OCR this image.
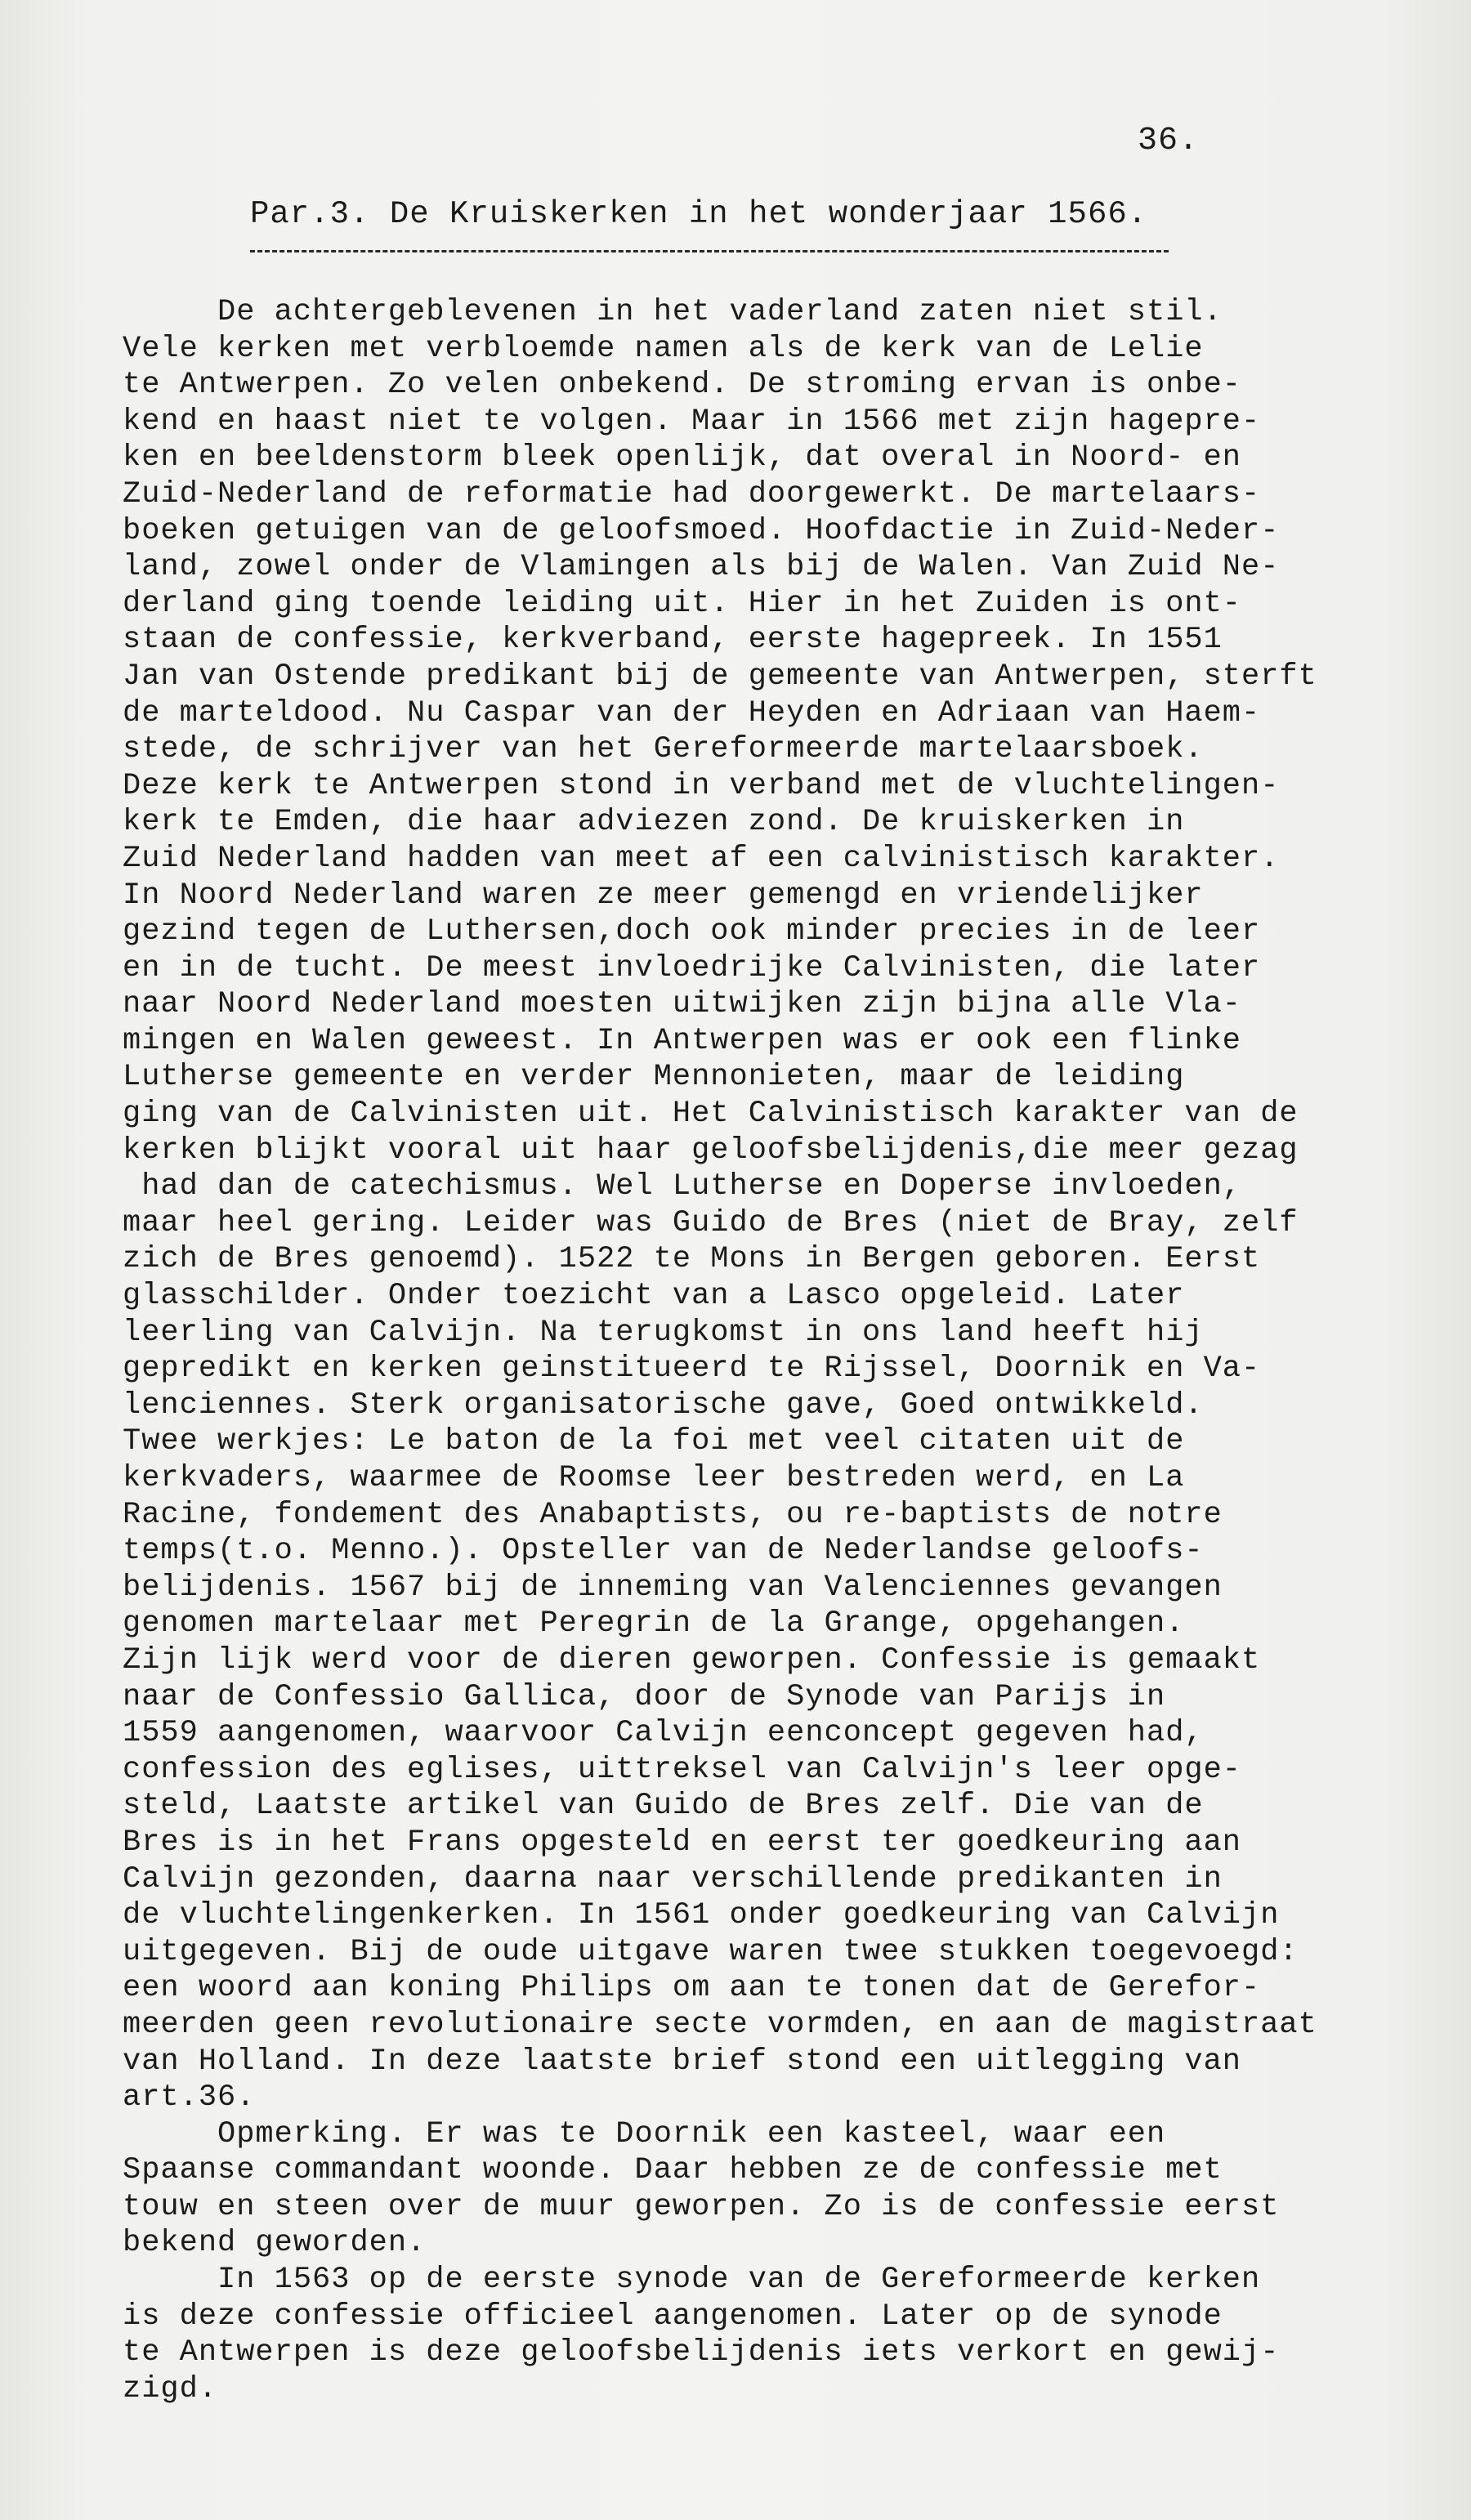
36.
Par.3. De Kruiskerken in het wonderjaar 1566.
De achtergeblevenen in het vaderland zaten niet stil.
Vele kerken met verbloemde namen als de kerk van de Lelie
te Antwerpen. Zo velen onbekend. De stroming ervan is onbe-
kend en haast niet te volgen. Maar in 1566 met zijn hagepre-
ken en beeldenstorm bleek openlijk, dat overal in Noord- en
Zuid-Nederland de reformatie had doorgewerkt. De martelaars-
boeken getuigen van de geloofsmoed. Hoofdactie in Zuid-Neder-
land, zowel onder de Vlamingen als bij de Walen. Van Zuid Ne-
derland ging toende leiding uit. Hier in het Zuiden is ont-
staan de confessie, kerkverband, eerste hagepreek. In 1551
Jan van Ostende predikant bij de gemeente van Antwerpen, sterft
de marteldood. Nu Caspar van der Heyden en Adriaan van Haem-
stede, de schrijver van het Gereformeerde martelaarsboek.
Deze kerk te Antwerpen stond in verband met de vluchtelingen-
kerk te Emden, die haar adviezen zond. De kruiskerken in
Zuid Nederland hadden van meet af een calvinistisch karakter.
In Noord Nederland waren ze meer gemengd en vriendelijker
gezind tegen de Luthersen,doch ook minder precies in de leer
en in de tucht. De meest invloedrijke Calvinisten, die later
naar Noord Nederland moesten uitwijken zijn bijna alle Vla-
mingen en Walen geweest. In Antwerpen was er ook een flinke
Lutherse gemeente en verder Mennonieten, maar de leiding
ging van de Calvinisten uit. Het Calvinistisch karakter van de
kerken blijkt vooral uit haar geloofsbelijdenis,die meer gezag
had dan de catechismus. Wel Lutherse en Doperse invloeden,
maar heel gering. Leider was Guido de Bres (niet de Bray, zelf
zich de Bres genoemd). 1522 te Mons in Bergen geboren. Eerst
glasschilder. Onder toezicht van a Lasco opgeleid. Later
leerling van Calvijn. Na terugkomst in ons land heeft hij
gepredikt en kerken geinstitueerd te Rijssel, Doornik en Va-
lenciennes. Sterk organisatorische gave, Goed ontwikkeld.
Twee werkjes: Le baton de la foi met veel citaten uit de
kerkvaders, waarmee de Roomse leer bestreden werd, en La
Racine, fondement des Anabaptists, ou re-baptists de notre
temps(t.o. Menno.). Opsteller van de Nederlandse geloofs-
belijdenis. 1567 bij de inneming van Valenciennes gevangen
genomen martelaar met Peregrin de la Grange, opgehangen.
Zijn lijk werd voor de dieren geworpen. Confessie is gemaakt
naar de Confessio Gallica, door de Synode van Parijs in
1559 aangenomen, waarvoor Calvijn eenconcept gegeven had,
confession des eglises, uittreksel van Calvijn's leer opge-
steld, Laatste artikel van Guido de Bres zelf. Die van de
Bres is in het Frans opgesteld en eerst ter goedkeuring aan
Calvijn gezonden, daarna naar verschillende predikanten in
de vluchtelingenkerken. In 1561 onder goedkeuring van Calvijn
uitgegeven. Bij de oude uitgave waren twee stukken toegevoegd:
een woord aan koning Philips om aan te tonen dat de Gerefor-
meerden geen revolutionaire secte vormden, en aan de magistraat
van Holland. In deze laatste brief stond een uitlegging van
art.36.
Opmerking. Er was te Doornik een kasteel, waar een
Spaanse commandant woonde. Daar hebben ze de confessie met
touw en steen over de muur geworpen. Zo is de confessie eerst
bekend geworden.
In 1563 op de eerste synode van de Gereformeerde kerken
is deze confessie officieel aangenomen. Later op de synode
te Antwerpen is deze geloofsbelijdenis iets verkort en gewij-
zigd.
